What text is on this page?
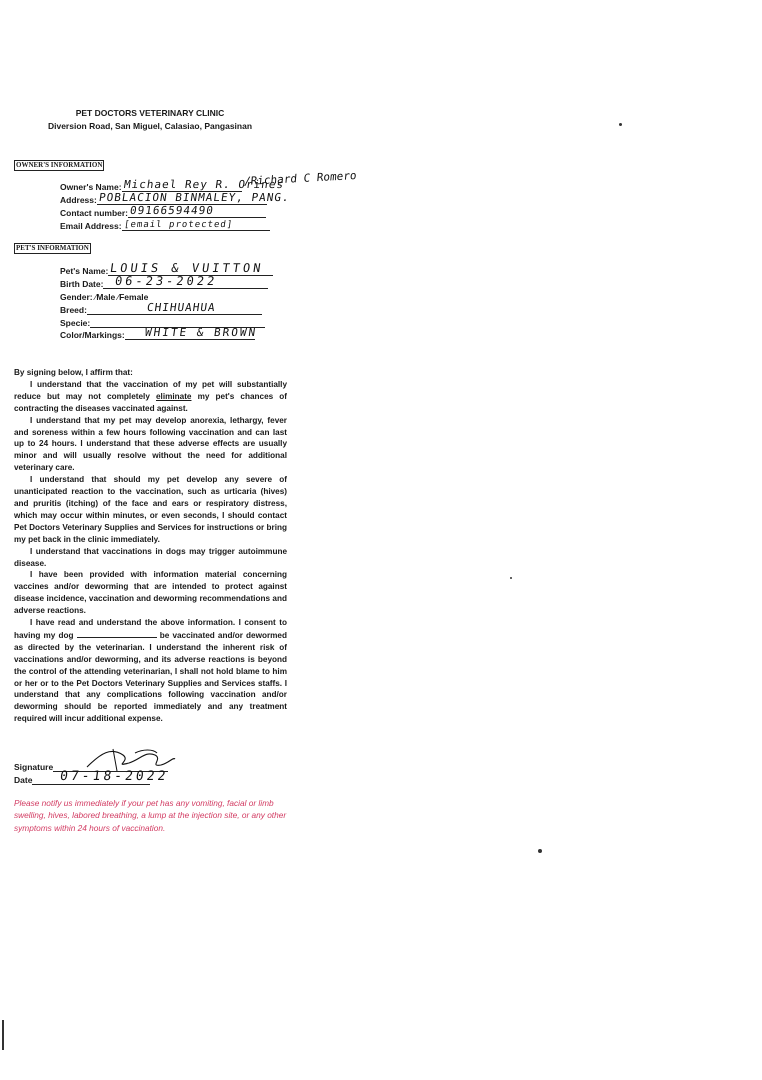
PET DOCTORS VETERINARY CLINIC
Diversion Road, San Miguel, Calasiao, Pangasinan
OWNER'S INFORMATION
Owner's Name: Michael Rey R. Orines
/Richard C Romero
Address: POBLACION BINMALEY, PANG.
Contact number: 09166594490
Email Address: [email protected]
PET'S INFORMATION
Pet's Name: LOUIS & VUITTON
Birth Date: 06-23-2022
Gender: ⁄Male ⁄Female
Breed:	CHIHUAHUA
Specie:
Color/Markings: WHITE & BROWN

By signing below, I affirm that:

I understand that the vaccination of my pet will substantially reduce but may not completely eliminate my pet's chances of contracting the diseases vaccinated against.

I understand that my pet may develop anorexia, lethargy, fever and soreness within a few hours following vaccination and can last up to 24 hours. I understand that these adverse effects are usually minor and will usually resolve without the need for additional veterinary care.

I understand that should my pet develop any severe of unanticipated reaction to the vaccination, such as urticaria (hives) and pruritis (itching) of the face and ears or respiratory distress, which may occur within minutes, or even seconds, I should contact Pet Doctors Veterinary Supplies and Services for instructions or bring my pet back in the clinic immediately.

I understand that vaccinations in dogs may trigger autoimmune disease.

I have been provided with information material concerning vaccines and/or deworming that are intended to protect against disease incidence, vaccination and deworming recommendations and adverse reactions.

I have read and understand the above information. I consent to having my dog	be vaccinated and/or dewormed as directed by the veterinarian. I understand the inherent risk of vaccinations and/or deworming, and its adverse reactions is beyond the control of the attending veterinarian, I shall not hold blame to him or her or to the Pet Doctors Veterinary Supplies and Services staffs. I understand that any complications following vaccination and/or deworming should be reported immediately and any treatment required will incur additional expense.

Signature
Date 07-18-2022
Please notify us immediately if your pet has any vomiting, facial or limb swelling, hives, labored breathing, a lump at the injection site, or any other symptoms within 24 hours of vaccination.
